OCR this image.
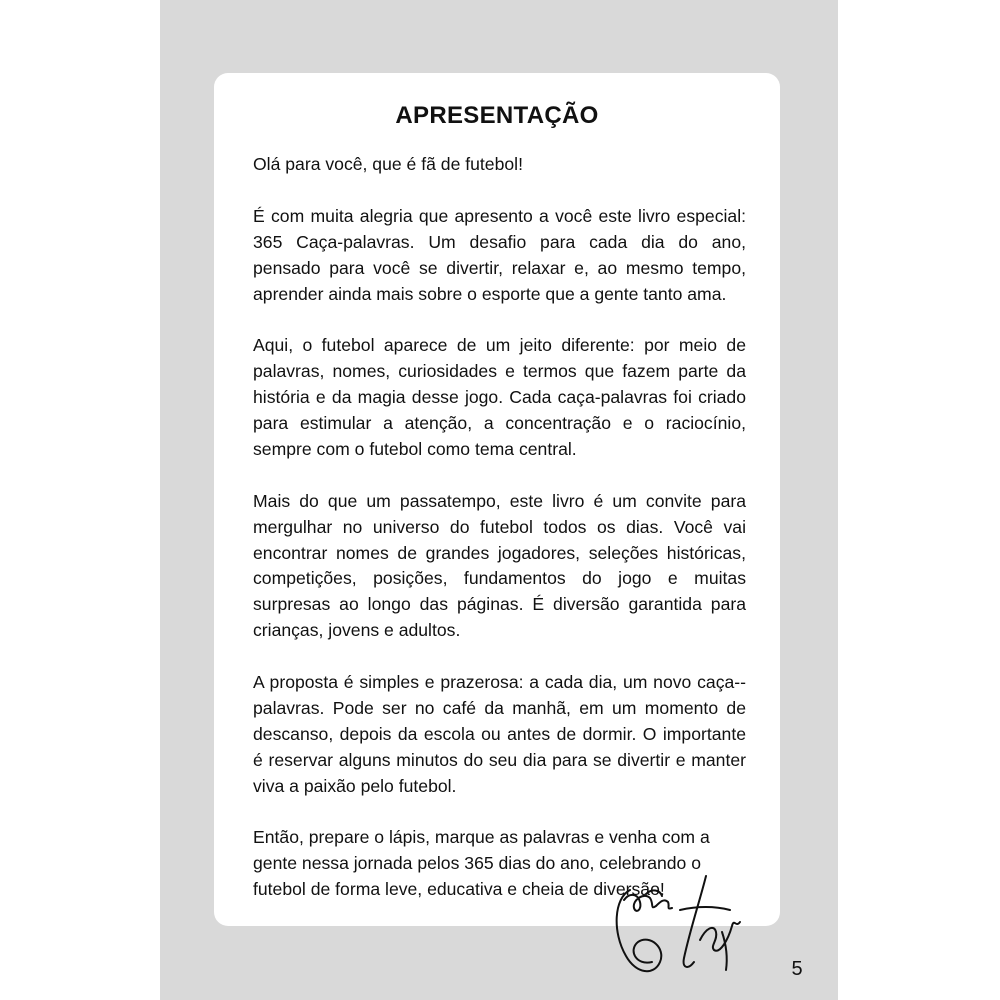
APRESENTAÇÃO

Olá para você, que é fã de futebol!

É com muita alegria que apresento a você este livro especial: 365 Caça-palavras. Um desafio para cada dia do ano, pensado para você se divertir, relaxar e, ao mesmo tempo, aprender ainda mais sobre o esporte que a gente tanto ama.

Aqui, o futebol aparece de um jeito diferente: por meio de palavras, nomes, curiosidades e termos que fazem parte da história e da magia desse jogo. Cada caça-palavras foi criado para estimular a atenção, a concentração e o raciocínio, sempre com o futebol como tema central.

Mais do que um passatempo, este livro é um convite para mergulhar no universo do futebol todos os dias. Você vai encontrar nomes de grandes jogadores, seleções históricas, competições, posições, fundamentos do jogo e muitas surpresas ao longo das páginas. É diversão garantida para crianças, jovens e adultos.

A proposta é simples e prazerosa: a cada dia, um novo caça--palavras. Pode ser no café da manhã, em um momento de descanso, depois da escola ou antes de dormir. O importante é reservar alguns minutos do seu dia para se divertir e manter viva a paixão pelo futebol.

Então, prepare o lápis, marque as palavras e venha com a gente nessa jornada pelos 365 dias do ano, celebrando o futebol de forma leve, educativa e cheia de diversão!

5
